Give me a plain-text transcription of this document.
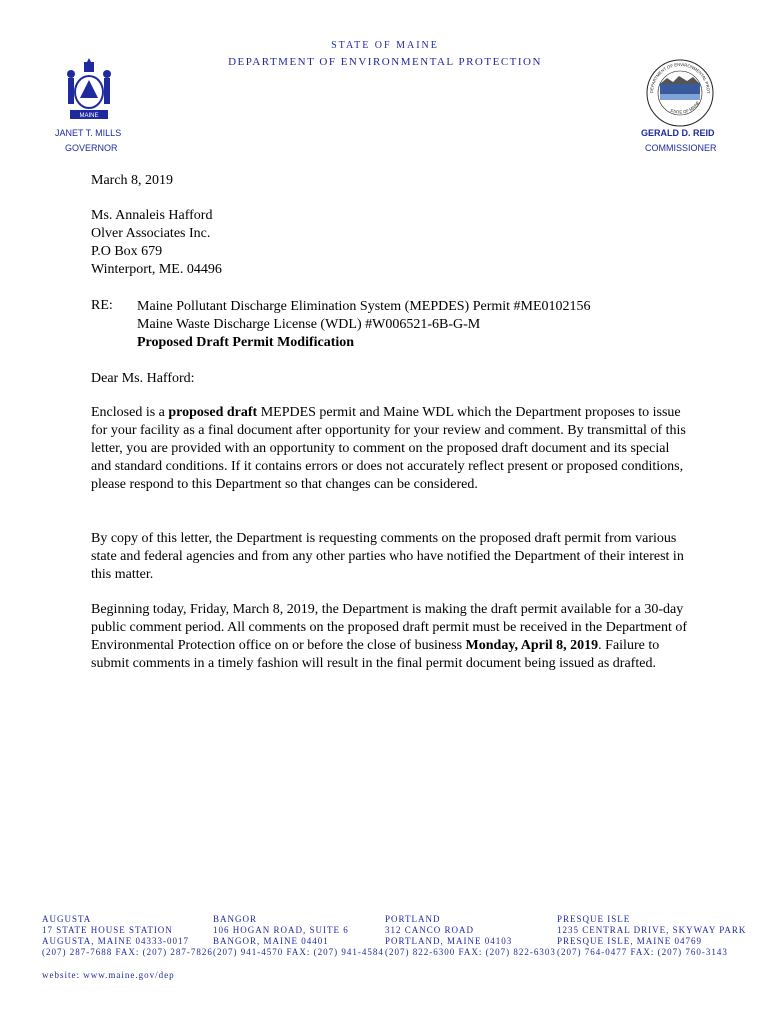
STATE OF MAINE
DEPARTMENT OF ENVIRONMENTAL PROTECTION
MAINE
DEPARTMENT OF ENVIRONMENTAL PROT
STATE OF MAINE
JANET T. MILLS
GOVERNOR
GERALD D. REID
COMMISSIONER
March 8, 2019
Ms. Annaleis Hafford
Olver Associates Inc.
P.O Box 679
Winterport, ME. 04496
RE: Maine Pollutant Discharge Elimination System (MEPDES) Permit #ME0102156
Maine Waste Discharge License (WDL) #W006521-6B-G-M
Proposed Draft Permit Modification
Dear Ms. Hafford:

Enclosed is a proposed draft MEPDES permit and Maine WDL which the Department proposes to issue for your facility as a final document after opportunity for your review and comment. By transmittal of this letter, you are provided with an opportunity to comment on the proposed draft document and its special and standard conditions. If it contains errors or does not accurately reflect present or proposed conditions, please respond to this Department so that changes can be considered.

By copy of this letter, the Department is requesting comments on the proposed draft permit from various state and federal agencies and from any other parties who have notified the Department of their interest in this matter.

Beginning today, Friday, March 8, 2019, the Department is making the draft permit available for a 30-day public comment period. All comments on the proposed draft permit must be received in the Department of Environmental Protection office on or before the close of business Monday, April 8, 2019. Failure to submit comments in a timely fashion will result in the final permit document being issued as drafted.

AUGUSTA
17 STATE HOUSE STATION
AUGUSTA, MAINE 04333-0017
(207) 287-7688 FAX: (207) 287-7826
BANGOR
106 HOGAN ROAD, SUITE 6
BANGOR, MAINE 04401
(207) 941-4570 FAX: (207) 941-4584
PORTLAND
312 CANCO ROAD
PORTLAND, MAINE 04103
(207) 822-6300 FAX: (207) 822-6303
PRESQUE ISLE
1235 CENTRAL DRIVE, SKYWAY PARK
PRESQUE ISLE, MAINE 04769
(207) 764-0477 FAX: (207) 760-3143
website: www.maine.gov/dep
